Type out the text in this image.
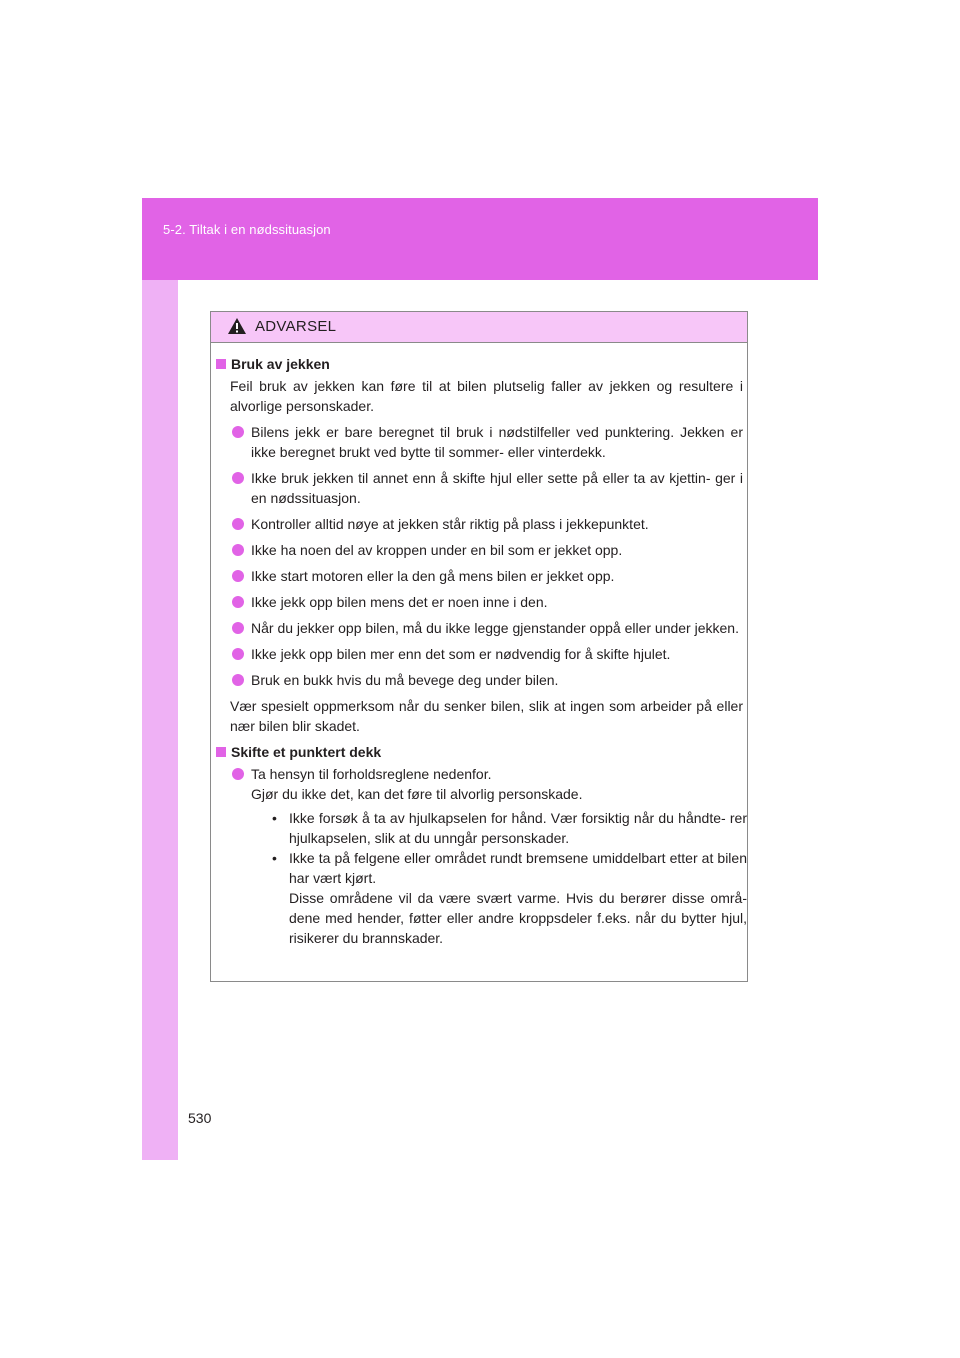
5-2. Tiltak i en nødssituasjon
530
ADVARSEL
Bruk av jekken
Feil bruk av jekken kan føre til at bilen plutselig faller av jekken og resultere i alvorlige personskader.
Bilens jekk er bare beregnet til bruk i nødstilfeller ved punktering. Jekken er ikke beregnet brukt ved bytte til sommer- eller vinterdekk.
Ikke bruk jekken til annet enn å skifte hjul eller sette på eller ta av kjettin- ger i en nødssituasjon.
Kontroller alltid nøye at jekken står riktig på plass i jekkepunktet.
Ikke ha noen del av kroppen under en bil som er jekket opp.
Ikke start motoren eller la den gå mens bilen er jekket opp.
Ikke jekk opp bilen mens det er noen inne i den.
Når du jekker opp bilen, må du ikke legge gjenstander oppå eller under jekken.
Ikke jekk opp bilen mer enn det som er nødvendig for å skifte hjulet.
Bruk en bukk hvis du må bevege deg under bilen.
Vær spesielt oppmerksom når du senker bilen, slik at ingen som arbeider på eller nær bilen blir skadet.
Skifte et punktert dekk
Ta hensyn til forholdsreglene nedenfor.
Gjør du ikke det, kan det føre til alvorlig personskade.
• Ikke forsøk å ta av hjulkapselen for hånd. Vær forsiktig når du håndte- rer hjulkapselen, slik at du unngår personskader.
• Ikke ta på felgene eller området rundt bremsene umiddelbart etter at bilen har vært kjørt.
Disse områdene vil da være svært varme. Hvis du berører disse områ- dene med hender, føtter eller andre kroppsdeler f.eks. når du bytter hjul, risikerer du brannskader.
